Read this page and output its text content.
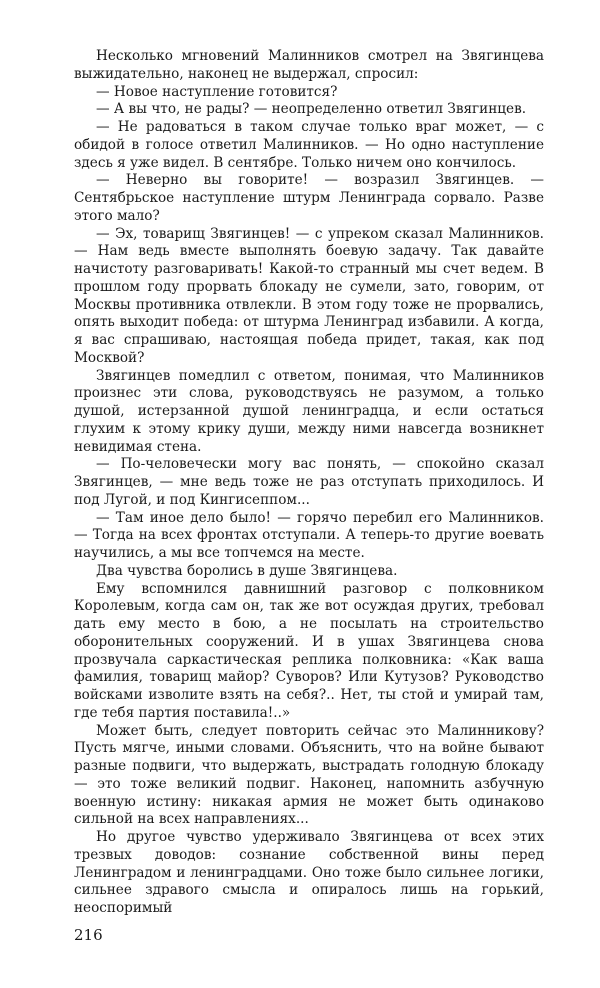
Несколько мгновений Малинников смотрел на Звягинцева выжидательно, наконец не выдержал, спросил:

— Новое наступление готовится?

— А вы что, не рады? — неопределенно ответил Звягинцев.

— Не радоваться в таком случае только враг может, — с обидой в голосе ответил Малинников. — Но одно наступление здесь я уже видел. В сентябре. Только ничем оно кончилось.

— Неверно вы говорите! — возразил Звягинцев. — Сентябрьское наступление штурм Ленинграда сорвало. Разве этого мало?

— Эх, товарищ Звягинцев! — с упреком сказал Малинников. — Нам ведь вместе выполнять боевую задачу. Так давайте начистоту разговаривать! Какой-то странный мы счет ведем. В прошлом году прорвать блокаду не сумели, зато, говорим, от Москвы противника отвлекли. В этом году тоже не прорвались, опять выходит победа: от штурма Ленинград избавили. А когда, я вас спрашиваю, настоящая победа придет, такая, как под Москвой?

Звягинцев помедлил с ответом, понимая, что Малинников произнес эти слова, руководствуясь не разумом, а только душой, истерзанной душой ленинградца, и если остаться глухим к этому крику души, между ними навсегда возникнет невидимая стена.

— По-человечески могу вас понять, — спокойно сказал Звягинцев, — мне ведь тоже не раз отступать приходилось. И под Лугой, и под Кингисеппом...

— Там иное дело было! — горячо перебил его Малинников. — Тогда на всех фронтах отступали. А теперь-то другие воевать научились, а мы все топчемся на месте.

Два чувства боролись в душе Звягинцева.

Ему вспомнился давнишний разговор с полковником Королевым, когда сам он, так же вот осуждая других, требовал дать ему место в бою, а не посылать на строительство оборонительных сооружений. И в ушах Звягинцева снова прозвучала саркастическая реплика полковника: «Как ваша фамилия, товарищ майор? Суворов? Или Кутузов? Руководство войсками изволите взять на себя?.. Нет, ты стой и умирай там, где тебя партия поставила!..»

Может быть, следует повторить сейчас это Малинникову? Пусть мягче, иными словами. Объяснить, что на войне бывают разные подвиги, что выдержать, выстрадать голодную блокаду — это тоже великий подвиг. Наконец, напомнить азбучную военную истину: никакая армия не может быть одинаково сильной на всех направлениях...

Но другое чувство удерживало Звягинцева от всех этих трезвых доводов: сознание собственной вины перед Ленинградом и ленинградцами. Оно тоже было сильнее логики, сильнее здравого смысла и опиралось лишь на горький, неоспоримый

216
